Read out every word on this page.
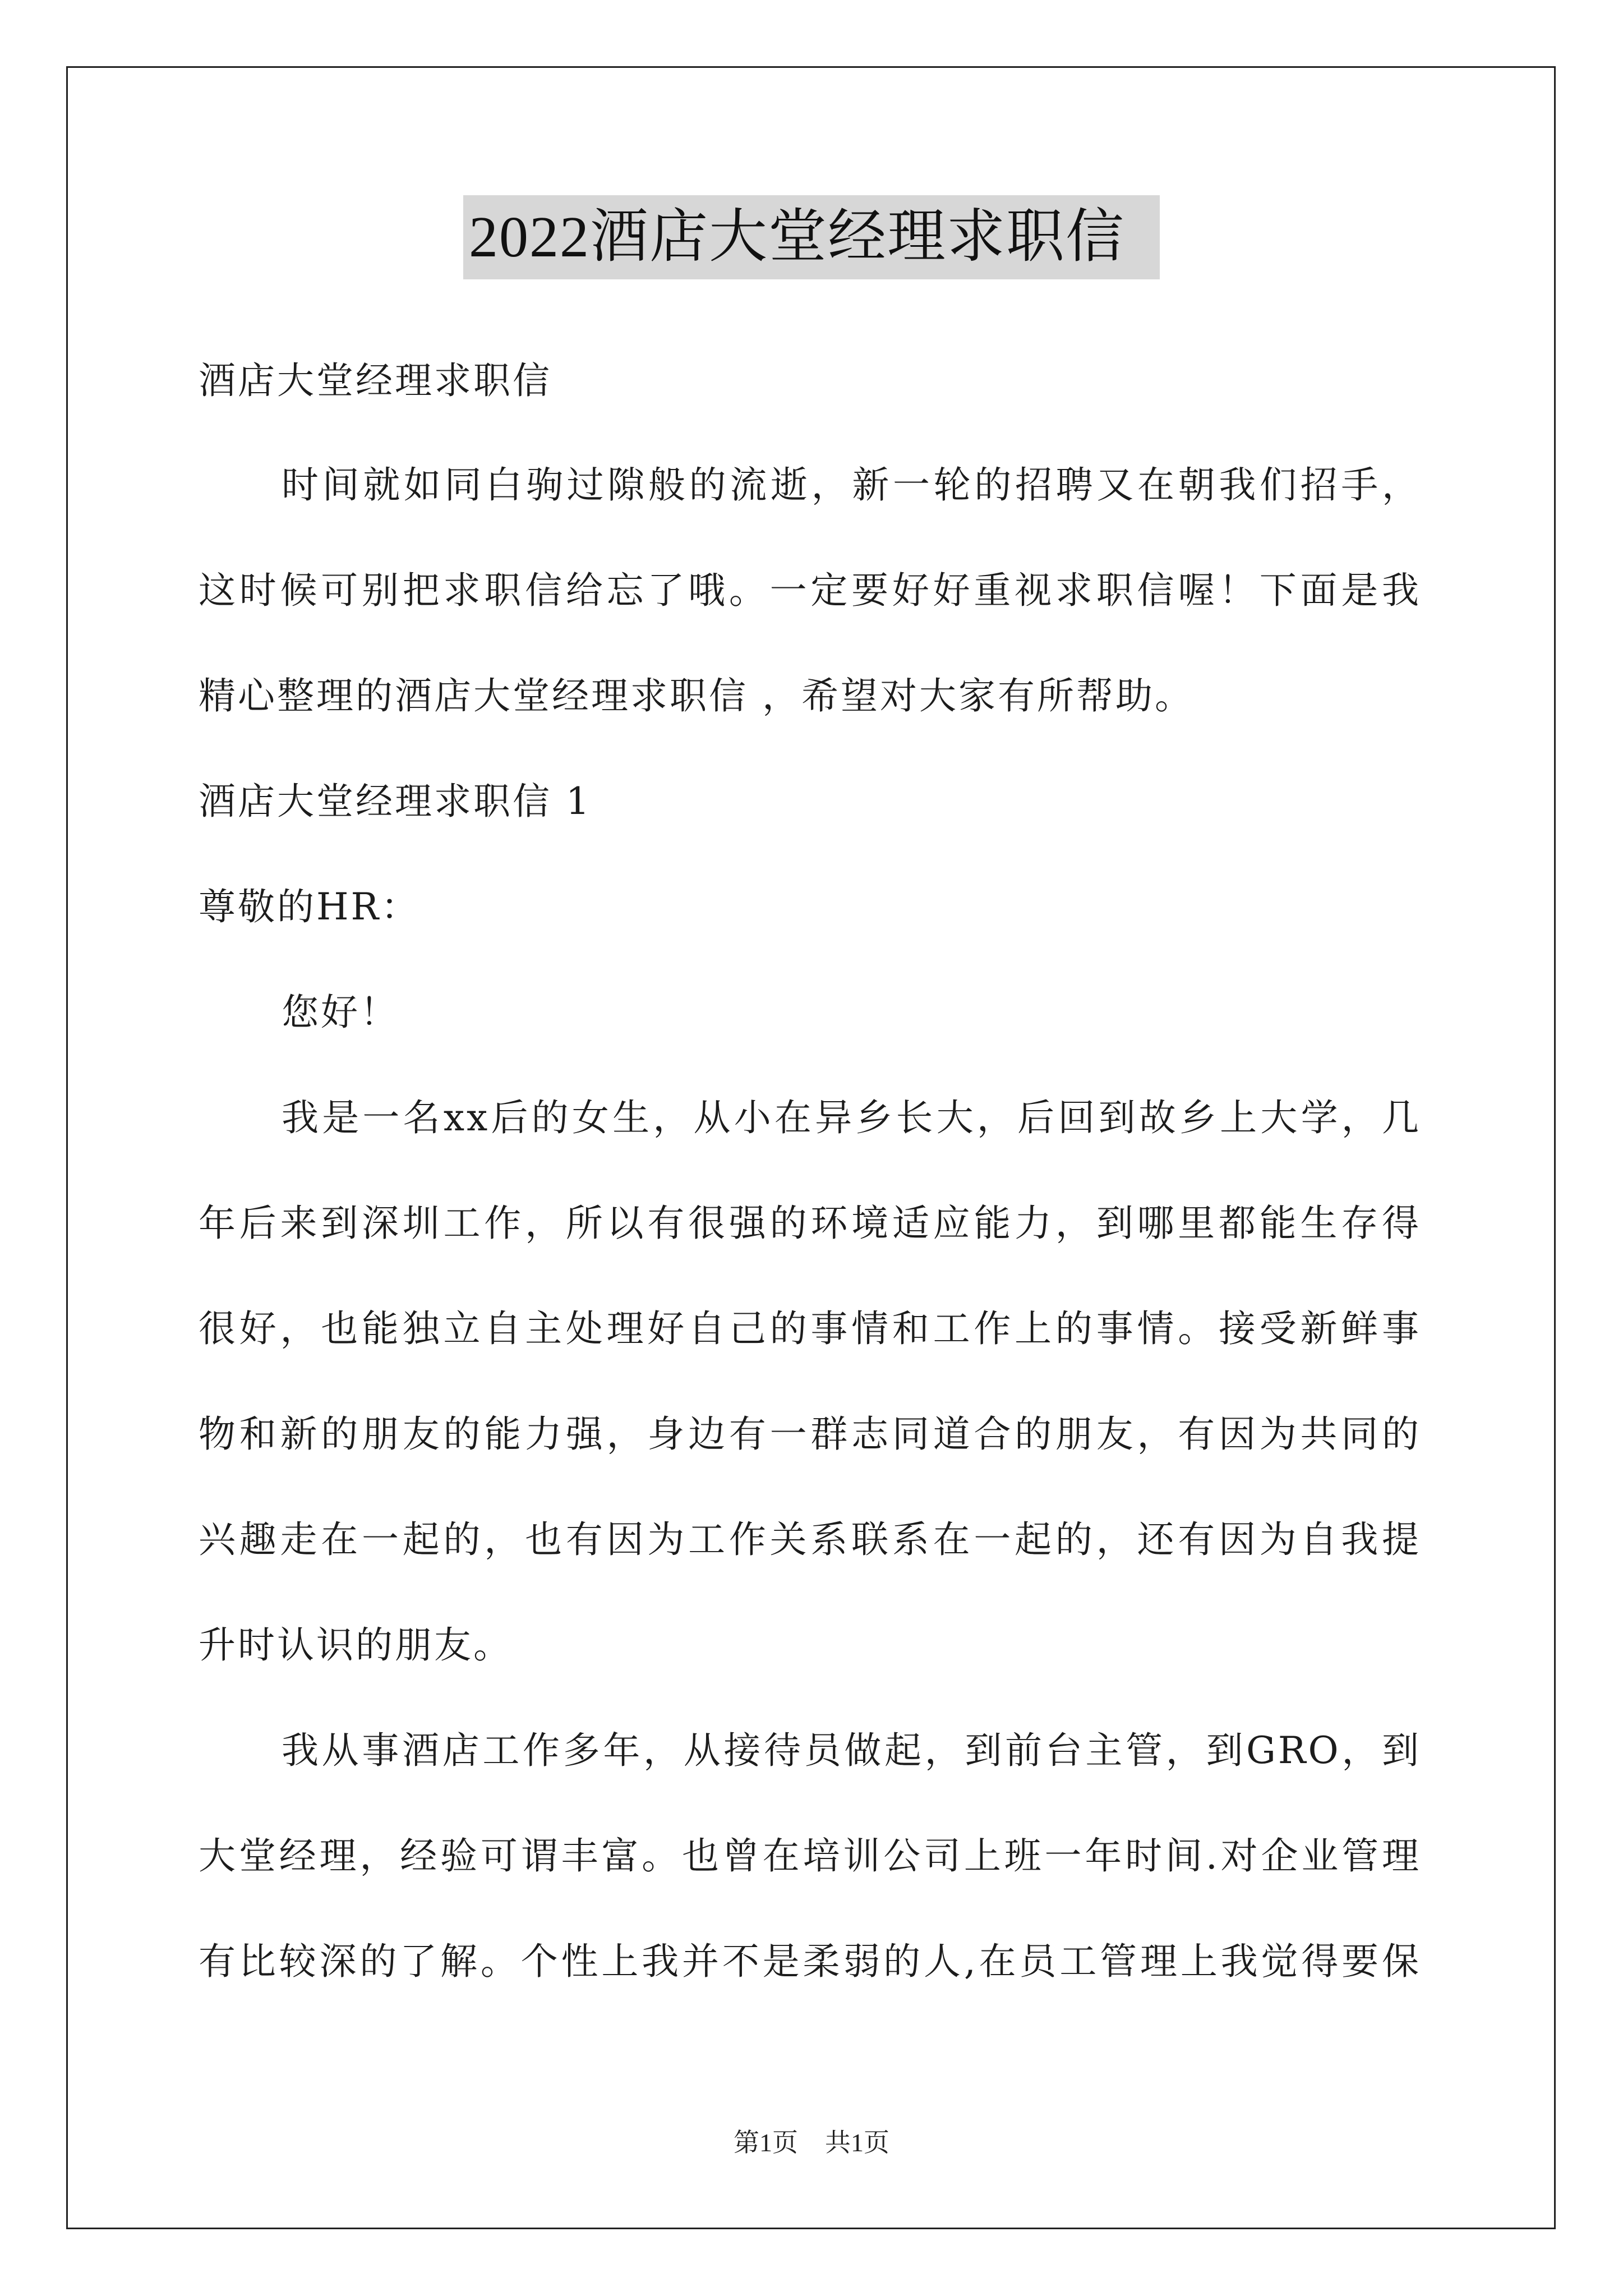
2022酒店大堂经理求职信
酒店大堂经理求职信
时间就如同白驹过隙般的流逝，新一轮的招聘又在朝我们招手，
这时候可别把求职信给忘了哦。一定要好好重视求职信喔！下面是我
精心整理的酒店大堂经理求职信 ，希望对大家有所帮助。
酒店大堂经理求职信 1
尊敬的HR：
您好！
我是一名xx后的女生，从小在异乡长大，后回到故乡上大学，几
年后来到深圳工作，所以有很强的环境适应能力，到哪里都能生存得
很好，也能独立自主处理好自己的事情和工作上的事情。接受新鲜事
物和新的朋友的能力强，身边有一群志同道合的朋友，有因为共同的
兴趣走在一起的，也有因为工作关系联系在一起的，还有因为自我提
升时认识的朋友。
我从事酒店工作多年，从接待员做起，到前台主管，到GRO，到
大堂经理，经验可谓丰富。也曾在培训公司上班一年时间.对企业管理
有比较深的了解。个性上我并不是柔弱的人,在员工管理上我觉得要保
第1页 共1页
